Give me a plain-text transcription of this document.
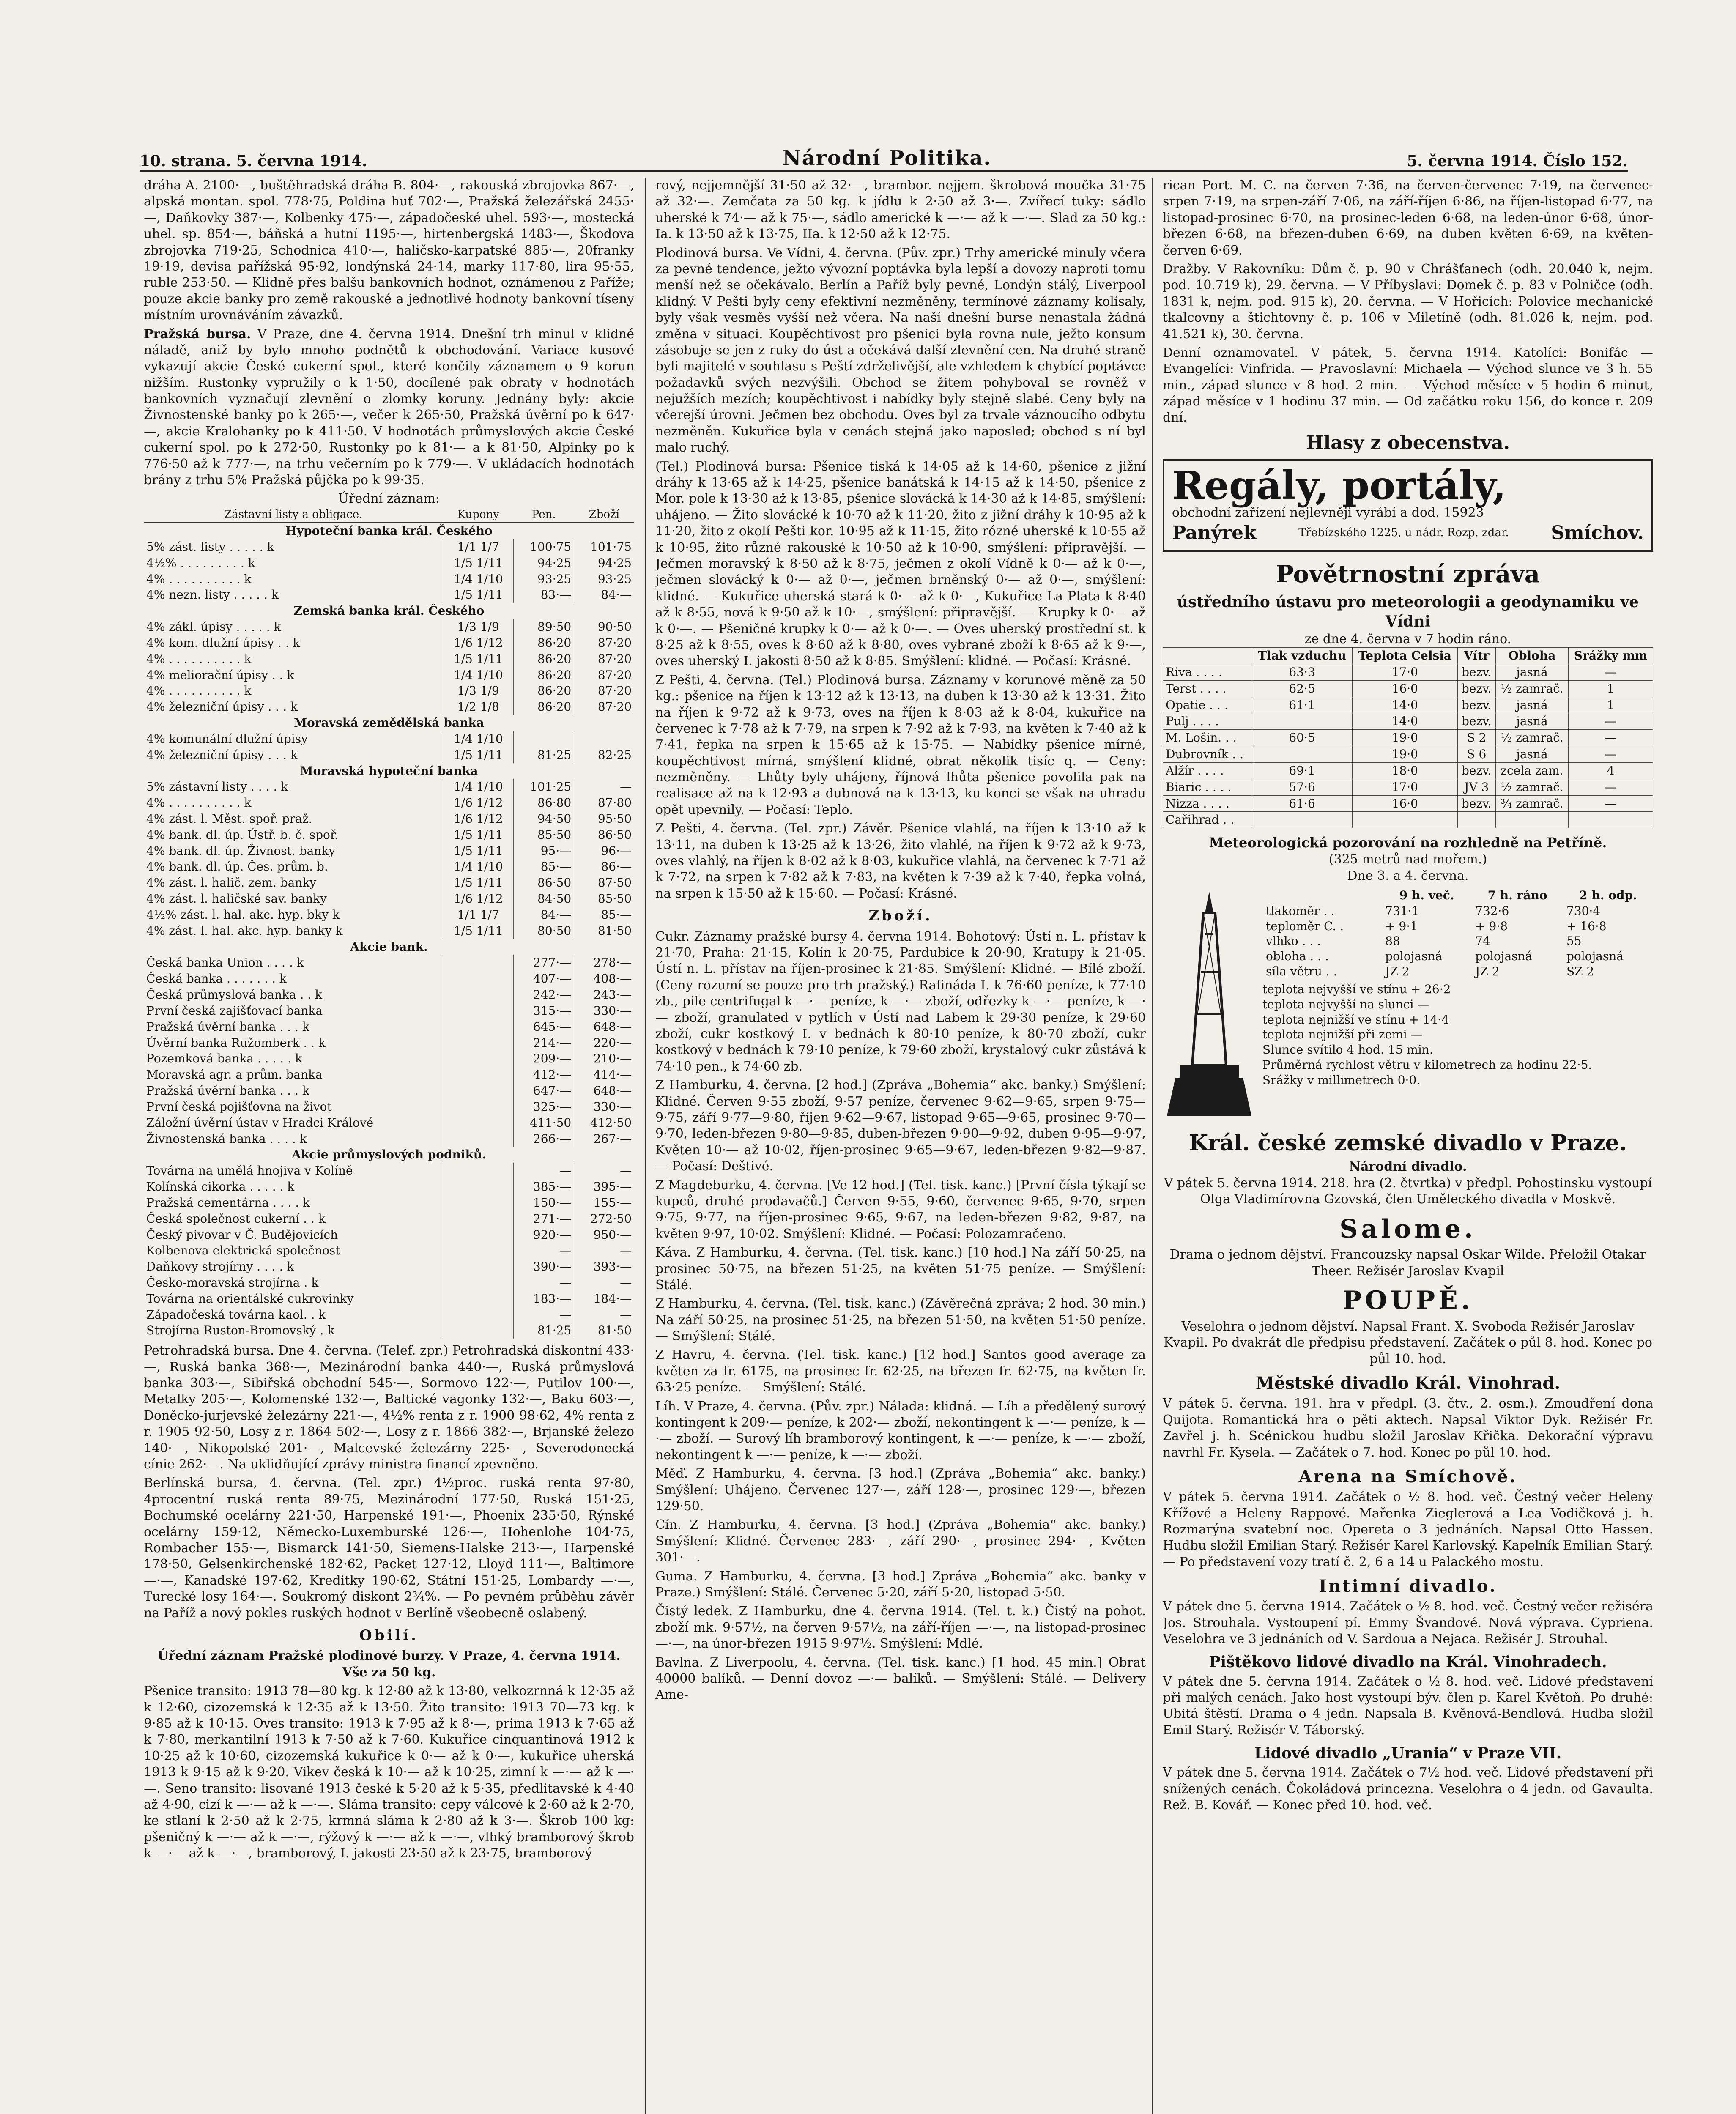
10. strana. 5. června 1914.	Národní Politika.	5. června 1914. Číslo 152.

dráha A. 2100·—, buštěhradská dráha B. 804·—, rakouská zbrojovka 867·—, alpská montan. spol. 778·75, Poldina huť 702·—, Pražská železářská 2455·—, Daňkovky 387·—, Kolbenky 475·—, západočeské uhel. 593·—, mostecká uhel. sp. 854·—, báňská a hutní 1195·—, hirtenbergská 1483·—, Škodova zbrojovka 719·25, Schodnica 410·—, haličsko-karpatské 885·—, 20franky 19·19, devisa pařížská 95·92, londýnská 24·14, marky 117·80, lira 95·55, ruble 253·50. — Klidně přes balšu bankovních hodnot, oznámenou z Paříže; pouze akcie banky pro země rakouské a jednotlivé hodnoty bankovní tíseny místním urovnáváním závazků.

Pražská bursa. V Praze, dne 4. června 1914. Dnešní trh minul v klidné náladě, aniž by bylo mnoho podnětů k obchodování. Variace kusové vykazují akcie České cukerní spol., které končily záznamem o 9 korun nižším. Rustonky vypružily o k 1·50, docílené pak obraty v hodnotách bankovních vyznačují zlevnění o zlomky koruny. Jednány byly: akcie Živnostenské banky po k 265·—, večer k 265·50, Pražská úvěrní po k 647·—, akcie Kralohanky po k 411·50. V hodnotách průmyslových akcie České cukerní spol. po k 272·50, Rustonky po k 81·— a k 81·50, Alpinky po k 776·50 až k 777·—, na trhu večerním po k 779·—. V ukládacích hodnotách brány z trhu 5% Pražská půjčka po k 99·35.

Úřední záznam:
Zástavní listy a obligace.	Kupony	Pen.	Zboží
Hypoteční banka král. Českého			
5% zást. listy . . . . . k	1/1 1/7	100·75	101·75
4½% . . . . . . . . . k	1/5 1/11	94·25	94·25
4% . . . . . . . . . . k	1/4 1/10	93·25	93·25
4% nezn. listy . . . . . k	1/5 1/11	83·—	84·—
Zemská banka král. Českého			
4% zákl. úpisy . . . . . k	1/3 1/9	89·50	90·50
4% kom. dlužní úpisy . . k	1/6 1/12	86·20	87·20
4% . . . . . . . . . . k	1/5 1/11	86·20	87·20
4% meliorační úpisy . . k	1/4 1/10	86·20	87·20
4% . . . . . . . . . . k	1/3 1/9	86·20	87·20
4% železniční úpisy . . . k	1/2 1/8	86·20	87·20
Moravská zemědělská banka			
4% komunální dlužní úpisy	1/4 1/10		
4% železniční úpisy . . . k	1/5 1/11	81·25	82·25
Moravská hypoteční banka			
5% zástavní listy . . . . k	1/4 1/10	101·25	—
4% . . . . . . . . . . k	1/6 1/12	86·80	87·80
4% zást. l. Měst. spoř. praž.	1/6 1/12	94·50	95·50
4% bank. dl. úp. Ústř. b. č. spoř.	1/5 1/11	85·50	86·50
4% bank. dl. úp. Živnost. banky	1/5 1/11	95·—	96·—
4% bank. dl. úp. Čes. prům. b.	1/4 1/10	85·—	86·—
4% zást. l. halič. zem. banky	1/5 1/11	86·50	87·50
4% zást. l. haličské sav. banky	1/6 1/12	84·50	85·50
4½% zást. l. hal. akc. hyp. bky k	1/1 1/7	84·—	85·—
4% zást. l. hal. akc. hyp. banky k	1/5 1/11	80·50	81·50
Akcie bank.			
Česká banka Union . . . . k		277·—	278·—
Česká banka . . . . . . . k		407·—	408·—
Česká průmyslová banka . . k		242·—	243·—
První česká zajišťovací banka		315·—	330·—
Pražská úvěrní banka . . . k		645·—	648·—
Úvěrní banka Ružomberk . . k		214·—	220·—
Pozemková banka . . . . . k		209·—	210·—
Moravská agr. a prům. banka		412·—	414·—
Pražská úvěrní banka . . . k		647·—	648·—
První česká pojišťovna na život		325·—	330·—
Záložní úvěrní ústav v Hradci Králové		411·50	412·50
Živnostenská banka . . . . k		266·—	267·—
Akcie průmyslových podniků.			
Továrna na umělá hnojiva v Kolíně		—	—
Kolínská cikorka . . . . . k		385·—	395·—
Pražská cementárna . . . . k		150·—	155·—
Česká společnost cukerní . . k		271·—	272·50
Český pivovar v Č. Budějovicích		920·—	950·—
Kolbenova elektrická společnost		—	—
Daňkovy strojírny . . . . k		390·—	393·—
Česko-moravská strojírna . k		—	—
Továrna na orientálské cukrovinky		183·—	184·—
Západočeská továrna kaol. . k		—	—
Strojírna Ruston-Bromovský . k		81·25	81·50

Petrohradská bursa. Dne 4. června. (Telef. zpr.) Petrohradská diskontní 433·—, Ruská banka 368·—, Mezinárodní banka 440·—, Ruská průmyslová banka 303·—, Sibiřská obchodní 545·—, Sormovo 122·—, Putilov 100·—, Metalky 205·—, Kolomenské 132·—, Baltické vagonky 132·—, Baku 603·—, Doněcko-jurjevské železárny 221·—, 4½% renta z r. 1900 98·62, 4% renta z r. 1905 92·50, Losy z r. 1864 502·—, Losy z r. 1866 382·—, Brjanské železo 140·—, Nikopolské 201·—, Malcevské železárny 225·—, Severodonecká cínie 262·—. Na uklidňující zprávy ministra financí zpevněno.

Berlínská bursa, 4. června. (Tel. zpr.) 4½proc. ruská renta 97·80, 4procentní ruská renta 89·75, Mezinárodní 177·50, Ruská 151·25, Bochumské ocelárny 221·50, Harpenské 191·—, Phoenix 235·50, Rýnské ocelárny 159·12, Německo-Luxemburské 126·—, Hohenlohe 104·75, Rombacher 155·—, Bismarck 141·50, Siemens-Halske 213·—, Harpenské 178·50, Gelsenkirchenské 182·62, Packet 127·12, Lloyd 111·—, Baltimore —·—, Kanadské 197·62, Kreditky 190·62, Státní 151·25, Lombardy —·—, Turecké losy 164·—. Soukromý diskont 2¾%. — Po pevném průběhu závěr na Paříž a nový pokles ruských hodnot v Berlíně všeobecně oslabený.

Obilí.

Úřední záznam Pražské plodinové burzy. V Praze, 4. června 1914. Vše za 50 kg.

Pšenice transito: 1913 78—80 kg. k 12·80 až k 13·80, velkozrnná k 12·35 až k 12·60, cizozemská k 12·35 až k 13·50. Žito transito: 1913 70—73 kg. k 9·85 až k 10·15. Oves transito: 1913 k 7·95 až k 8·—, prima 1913 k 7·65 až k 7·80, merkantilní 1913 k 7·50 až k 7·60. Kukuřice cinquantinová 1912 k 10·25 až k 10·60, cizozemská kukuřice k 0·— až k 0·—, kukuřice uherská 1913 k 9·15 až k 9·20. Vikev česká k 10·— až k 10·25, zimní k —·— až k —·—. Seno transito: lisované 1913 české k 5·20 až k 5·35, předlitavské k 4·40 až 4·90, cizí k —·— až k —·—. Sláma transito: cepy válcové k 2·60 až k 2·70, ke stlaní k 2·50 až k 2·75, krmná sláma k 2·80 až k 3·—. Škrob 100 kg: pšeničný k —·— až k —·—, rýžový k —·— až k —·—, vlhký bramborový škrob k —·— až k —·—, bramborový, I. jakosti 23·50 až k 23·75, bramborový

rový, nejjemnější 31·50 až 32·—, brambor. nejjem. škrobová moučka 31·75 až 32·—. Zemčata za 50 kg. k jídlu k 2·50 až 3·—. Zvířecí tuky: sádlo uherské k 74·— až k 75·—, sádlo americké k —·— až k —·—. Slad za 50 kg.: Ia. k 13·50 až k 13·75, IIa. k 12·50 až k 12·75.

Plodinová bursa. Ve Vídni, 4. června. (Pův. zpr.) Trhy americké minuly včera za pevné tendence, ježto vývozní poptávka byla lepší a dovozy naproti tomu menší než se očekávalo. Berlín a Paříž byly pevné, Londýn stálý, Liverpool klidný. V Pešti byly ceny efektivní nezměněny, termínové záznamy kolísaly, byly však vesměs vyšší než včera. Na naší dnešní burse nenastala žádná změna v situaci. Koupěchtivost pro pšenici byla rovna nule, ježto konsum zásobuje se jen z ruky do úst a očekává další zlevnění cen. Na druhé straně byli majitelé v souhlasu s Peští zdrželivější, ale vzhledem k chybící poptávce požadavků svých nezvýšili. Obchod se žitem pohyboval se rovněž v nejužších mezích; koupěchtivost i nabídky byly stejně slabé. Ceny byly na včerejší úrovni. Ječmen bez obchodu. Oves byl za trvale váznoucího odbytu nezměněn. Kukuřice byla v cenách stejná jako naposled; obchod s ní byl malo ruchý.

(Tel.) Plodinová bursa: Pšenice tiská k 14·05 až k 14·60, pšenice z jižní dráhy k 13·65 až k 14·25, pšenice banátská k 14·15 až k 14·50, pšenice z Mor. pole k 13·30 až k 13·85, pšenice slovácká k 14·30 až k 14·85, smýšlení: uhájeno. — Žito slovácké k 10·70 až k 11·20, žito z jižní dráhy k 10·95 až k 11·20, žito z okolí Pešti kor. 10·95 až k 11·15, žito rózné uherské k 10·55 až k 10·95, žito různé rakouské k 10·50 až k 10·90, smýšlení: připravější. — Ječmen moravský k 8·50 až k 8·75, ječmen z okolí Vídně k 0·— až k 0·—, ječmen slovácký k 0·— až 0·—, ječmen brněnský 0·— až 0·—, smýšlení: klidné. — Kukuřice uherská stará k 0·— až k 0·—, Kukuřice La Plata k 8·40 až k 8·55, nová k 9·50 až k 10·—, smýšlení: připravější. — Krupky k 0·— až k 0·—. — Pšeničné krupky k 0·— až k 0·—. — Oves uherský prostřední st. k 8·25 až k 8·55, oves k 8·60 až k 8·80, oves vybrané zboží k 8·65 až k 9·—, oves uherský I. jakosti 8·50 až k 8·85. Smýšlení: klidné. — Počasí: Krásné.

Z Pešti, 4. června. (Tel.) Plodinová bursa. Záznamy v korunové měně za 50 kg.: pšenice na říjen k 13·12 až k 13·13, na duben k 13·30 až k 13·31. Žito na říjen k 9·72 až k 9·73, oves na říjen k 8·03 až k 8·04, kukuřice na červenec k 7·78 až k 7·79, na srpen k 7·92 až k 7·93, na květen k 7·40 až k 7·41, řepka na srpen k 15·65 až k 15·75. — Nabídky pšenice mírné, koupěchtivost mírná, smýšlení klidné, obrat několik tisíc q. — Ceny: nezměněny. — Lhůty byly uhájeny, říjnová lhůta pšenice povolila pak na realisace až na k 12·93 a dubnová na k 13·13, ku konci se však na uhradu opět upevnily. — Počasí: Teplo.

Z Pešti, 4. června. (Tel. zpr.) Závěr. Pšenice vlahlá, na říjen k 13·10 až k 13·11, na duben k 13·25 až k 13·26, žito vlahlé, na říjen k 9·72 až k 9·73, oves vlahlý, na říjen k 8·02 až k 8·03, kukuřice vlahlá, na červenec k 7·71 až k 7·72, na srpen k 7·82 až k 7·83, na květen k 7·39 až k 7·40, řepka volná, na srpen k 15·50 až k 15·60. — Počasí: Krásné.

Zboží.

Cukr. Záznamy pražské bursy 4. června 1914. Bohotový: Ústí n. L. přístav k 21·70, Praha: 21·15, Kolín k 20·75, Pardubice k 20·90, Kratupy k 21·05. Ústí n. L. přístav na říjen-prosinec k 21·85. Smýšlení: Klidné. — Bílé zboží. (Ceny rozumí se pouze pro trh pražský.) Rafináda I. k 76·60 peníze, k 77·10 zb., pile centrifugal k —·— peníze, k —·— zboží, odřezky k —·— peníze, k —·— zboží, granulated v pytlích v Ústí nad Labem k 29·30 peníze, k 29·60 zboží, cukr kostkový I. v bednách k 80·10 peníze, k 80·70 zboží, cukr kostkový v bednách k 79·10 peníze, k 79·60 zboží, krystalový cukr zůstává k 74·10 pen., k 74·60 zb.

Z Hamburku, 4. června. [2 hod.] (Zpráva „Bohemia“ akc. banky.) Smýšlení: Klidné. Červen 9·55 zboží, 9·57 peníze, červenec 9·62—9·65, srpen 9·75—9·75, září 9·77—9·80, říjen 9·62—9·67, listopad 9·65—9·65, prosinec 9·70—9·70, leden-březen 9·80—9·85, duben-březen 9·90—9·92, duben 9·95—9·97, Květen 10·— až 10·02, říjen-prosinec 9·65—9·67, leden-březen 9·82—9·87. — Počasí: Deštivé.

Z Magdeburku, 4. června. [Ve 12 hod.] (Tel. tisk. kanc.) [První čísla týkají se kupců, druhé prodavačů.] Červen 9·55, 9·60, červenec 9·65, 9·70, srpen 9·75, 9·77, na říjen-prosinec 9·65, 9·67, na leden-březen 9·82, 9·87, na květen 9·97, 10·02. Smýšlení: Klidné. — Počasí: Polozamračeno.

Káva. Z Hamburku, 4. června. (Tel. tisk. kanc.) [10 hod.] Na září 50·25, na prosinec 50·75, na březen 51·25, na květen 51·75 peníze. — Smýšlení: Stálé.

Z Hamburku, 4. června. (Tel. tisk. kanc.) (Závěrečná zpráva; 2 hod. 30 min.) Na září 50·25, na prosinec 51·25, na březen 51·50, na květen 51·50 peníze. — Smýšlení: Stálé.

Z Havru, 4. června. (Tel. tisk. kanc.) [12 hod.] Santos good average za květen za fr. 6175, na prosinec fr. 62·25, na březen fr. 62·75, na květen fr. 63·25 peníze. — Smýšlení: Stálé.

Líh. V Praze, 4. června. (Pův. zpr.) Nálada: klidná. — Líh a předělený surový kontingent k 209·— peníze, k 202·— zboží, nekontingent k —·— peníze, k —·— zboží. — Surový líh bramborový kontingent, k —·— peníze, k —·— zboží, nekontingent k —·— peníze, k —·— zboží.

Měď. Z Hamburku, 4. června. [3 hod.] (Zpráva „Bohemia“ akc. banky.) Smýšlení: Uhájeno. Červenec 127·—, září 128·—, prosinec 129·—, březen 129·50.

Cín. Z Hamburku, 4. června. [3 hod.] (Zpráva „Bohemia“ akc. banky.) Smýšlení: Klidné. Červenec 283·—, září 290·—, prosinec 294·—, Květen 301·—.

Guma. Z Hamburku, 4. června. [3 hod.] Zpráva „Bohemia“ akc. banky v Praze.) Smýšlení: Stálé. Červenec 5·20, září 5·20, listopad 5·50.

Čistý ledek. Z Hamburku, dne 4. června 1914. (Tel. t. k.) Čistý na pohot. zboží mk. 9·57½, na červen 9·57½, na září-říjen —·—, na listopad-prosinec —·—, na únor-březen 1915 9·97½. Smýšlení: Mdlé.

Bavlna. Z Liverpoolu, 4. června. (Tel. tisk. kanc.) [1 hod. 45 min.] Obrat 40000 balíků. — Denní dovoz —·— balíků. — Smýšlení: Stálé. — Delivery Ame-

rican Port. M. C. na červen 7·36, na červen-červenec 7·19, na červenec-srpen 7·19, na srpen-září 7·06, na září-říjen 6·86, na říjen-listopad 6·77, na listopad-prosinec 6·70, na prosinec-leden 6·68, na leden-únor 6·68, únor-březen 6·68, na březen-duben 6·69, na duben květen 6·69, na květen-červen 6·69.

Dražby. V Rakovníku: Dům č. p. 90 v Chrášťanech (odh. 20.040 k, nejm. pod. 10.719 k), 29. června. — V Příbyslavi: Domek č. p. 83 v Polničce (odh. 1831 k, nejm. pod. 915 k), 20. června. — V Hořicích: Polovice mechanické tkalcovny a štichtovny č. p. 106 v Miletíně (odh. 81.026 k, nejm. pod. 41.521 k), 30. června.

Denní oznamovatel. V pátek, 5. června 1914. Katolíci: Bonifác — Evangelíci: Vinfrida. — Pravoslavní: Michaela — Východ slunce ve 3 h. 55 min., západ slunce v 8 hod. 2 min. — Východ měsíce v 5 hodin 6 minut, západ měsíce v 1 hodinu 37 min. — Od začátku roku 156, do konce r. 209 dní.

Hlasy z obecenstva.
Regály, portály,
obchodní zařízení nejlevněji vyrábí a dod. 15923
Panýrek	Třebízského 1225, u nádr. Rozp. zdar. Smíchov.
Povětrnostní zpráva
ústředního ústavu pro meteorologii a geodynamiku ve Vídni
ze dne 4. června v 7 hodin ráno.
	Tlak vzduchu	Teplota Celsia	Vítr	Obloha	Srážky mm
Riva . . . .	63·3	17·0	bezv.	jasná	—
Terst . . . .	62·5	16·0	bezv.	½ zamrač.	1
Opatie . . .	61·1	14·0	bezv.	jasná	1
Pulj . . . .		14·0	bezv.	jasná	—
M. Lošin. . .	60·5	19·0	S 2	½ zamrač.	—
Dubrovník . .		19·0	S 6	jasná	—
Alžír . . . .	69·1	18·0	bezv.	zcela zam.	4
Biaric . . . .	57·6	17·0	JV 3	½ zamrač.	—
Nizza . . . .	61·6	16·0	bezv.	¾ zamrač.	—
Cařihrad . .					
Meteorologická pozorování na rozhledně na Petříně.
(325 metrů nad mořem.)
Dne 3. a 4. června.
	9 h. več.	7 h. ráno	2 h. odp.
tlakoměr . .	731·1	732·6	730·4
teploměr C. .	+ 9·1	+ 9·8	+ 16·8
vlhko . . .	88	74	55
obloha . . .	polojasná	polojasná	polojasná
síla větru . .	JZ 2	JZ 2	SZ 2
teplota nejvyšší ve stínu + 26·2
teplota nejvyšší na slunci —
teplota nejnižší ve stínu + 14·4
teplota nejnižší při zemi —
Slunce svítilo 4 hod. 15 min.
Průměrná rychlost větru v kilometrech za hodinu 22·5.
Srážky v millimetrech 0·0.
Král. české zemské divadlo v Praze.
Národní divadlo.

V pátek 5. června 1914. 218. hra (2. čtvrtka) v předpl. Pohostinsku vystoupí Olga Vladimírovna Gzovská, člen Uměleckého divadla v Moskvě.

Salome.

Drama o jednom dějství. Francouzsky napsal Oskar Wilde. Přeložil Otakar Theer. Režisér Jaroslav Kvapil

POUPĚ.

Veselohra o jednom dějství. Napsal Frant. X. Svoboda Režisér Jaroslav Kvapil. Po dvakrát dle předpisu představení. Začátek o půl 8. hod. Konec po půl 10. hod.

Městské divadlo Král. Vinohrad.

V pátek 5. června. 191. hra v předpl. (3. čtv., 2. osm.). Zmoudření dona Quijota. Romantická hra o pěti aktech. Napsal Viktor Dyk. Režisér Fr. Zavřel j. h. Scénickou hudbu složil Jaroslav Křička. Dekorační výpravu navrhl Fr. Kysela. — Začátek o 7. hod. Konec po půl 10. hod.

Arena na Smíchově.

V pátek 5. června 1914. Začátek o ½ 8. hod. več. Čestný večer Heleny Křížové a Heleny Rappové. Mařenka Zieglerová a Lea Vodičková j. h. Rozmarýna svatební noc. Opereta o 3 jednáních. Napsal Otto Hassen. Hudbu složil Emilian Starý. Režisér Karel Karlovský. Kapelník Emilian Starý. — Po představení vozy tratí č. 2, 6 a 14 u Palackého mostu.

Intimní divadlo.

V pátek dne 5. června 1914. Začátek o ½ 8. hod. več. Čestný večer režiséra Jos. Strouhala. Vystoupení pí. Emmy Švandové. Nová výprava. Cypriena. Veselohra ve 3 jednáních od V. Sardoua a Nejaca. Režisér J. Strouhal.

Pištěkovo lidové divadlo na Král. Vinohradech.

V pátek dne 5. června 1914. Začátek o ½ 8. hod. več. Lidové představení při malých cenách. Jako host vystoupí býv. člen p. Karel Květoň. Po druhé: Ubitá štěstí. Drama o 4 jedn. Napsala B. Kvěnová-Bendlová. Hudba složil Emil Starý. Režisér V. Táborský.

Lidové divadlo „Urania“ v Praze VII.

V pátek dne 5. června 1914. Začátek o 7½ hod. več. Lidové představení při snížených cenách. Čokoládová princezna. Veselohra o 4 jedn. od Gavaulta. Rež. B. Kovář. — Konec před 10. hod. več.
